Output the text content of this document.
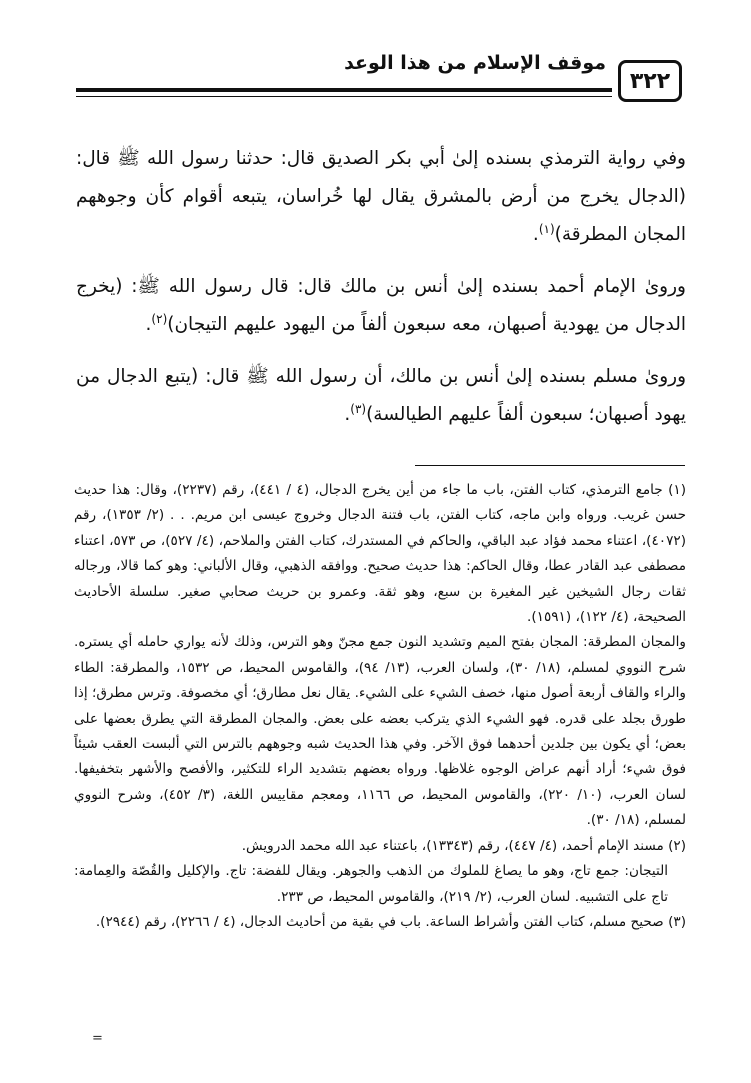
موقف الإسلام من هذا الوعد
٣٢٢

وفي رواية الترمذي بسنده إلىٰ أبي بكر الصديق قال: حدثنا رسول الله ﷺ قال: (الدجال يخرج من أرض بالمشرق يقال لها خُراسان، يتبعه أقوام كأن وجوههم المجان المطرقة)$^{(١)}$.

ورویٰ الإمام أحمد بسنده إلیٰ أنس بن مالك قال: قال رسول الله ﷺ: (يخرج الدجال من يهودية أصبهان، معه سبعون ألفاً من اليهود عليهم التيجان)$^{(٢)}$.

ورویٰ مسلم بسنده إلیٰ أنس بن مالك، أن رسول الله ﷺ قال: (يتبع الدجال من يهود أصبهان؛ سبعون ألفاً عليهم الطيالسة)$^{(٣)}$.

(١) جامع الترمذي، كتاب الفتن، باب ما جاء من أين يخرج الدجال، (٤ / ٤٤١)، رقم (٢٢٣٧)، وقال: هذا حديث حسن غريب. ورواه وابن ماجه، كتاب الفتن، باب فتنة الدجال وخروج عيسى ابن مريم. . . (٢/ ١٣٥٣)، رقم (٤٠٧٢)، اعتناء محمد فؤاد عبد الباقي، والحاكم في المستدرك، كتاب الفتن والملاحم، (٤/ ٥٢٧)، ص ٥٧٣، اعتناء مصطفى عبد القادر عطا، وقال الحاكم: هذا حديث صحيح. ووافقه الذهبي، وقال الألباني: وهو كما قالا، ورجاله ثقات رجال الشيخين غير المغيرة بن سبع، وهو ثقة. وعمرو بن حريث صحابي صغير. سلسلة الأحاديث الصحيحة، (٤/ ١٢٢)، (١٥٩١).

والمجان المطرقة: المجان بفتح الميم وتشديد النون جمع مجنّ وهو الترس، وذلك لأنه يواري حامله أي يستره. شرح النووي لمسلم، (١٨/ ٣٠)، ولسان العرب، (١٣/ ٩٤)، والقاموس المحيط، ص ١٥٣٢، والمطرقة: الطاء والراء والقاف أربعة أصول منها، خصف الشيء على الشيء. يقال نعل مطارق؛ أي مخصوفة. وترس مطرق؛ إذا طورق بجلد على قدره. فهو الشيء الذي يتركب بعضه على بعض. والمجان المطرقة التي يطرق بعضها على بعض؛ أي يكون بين جلدين أحدهما فوق الآخر. وفي هذا الحديث شبه وجوههم بالترس التي ألبست العقب شيئاً فوق شيء؛ أراد أنهم عراض الوجوه غلاظها. ورواه بعضهم بتشديد الراء للتكثير، والأفصح والأشهر بتخفيفها. لسان العرب، (١٠/ ٢٢٠)، والقاموس المحيط، ص ١١٦٦، ومعجم مقاييس اللغة، (٣/ ٤٥٢)، وشرح النووي لمسلم، (١٨/ ٣٠).

(٢) مسند الإمام أحمد، (٤/ ٤٤٧)، رقم (١٣٣٤٣)، باعتناء عبد الله محمد الدرويش.
التيجان: جمع تاج، وهو ما يصاغ للملوك من الذهب والجوهر. ويقال للفضة: تاج. والإكليل والقُصّة والعِمامة: تاج على التشبيه. لسان العرب، (٢/ ٢١٩)، والقاموس المحيط، ص ٢٣٣.

(٣) صحيح مسلم، كتاب الفتن وأشراط الساعة. باب في بقية من أحاديث الدجال، (٤ / ٢٢٦٦)، رقم (٢٩٤٤).

=
